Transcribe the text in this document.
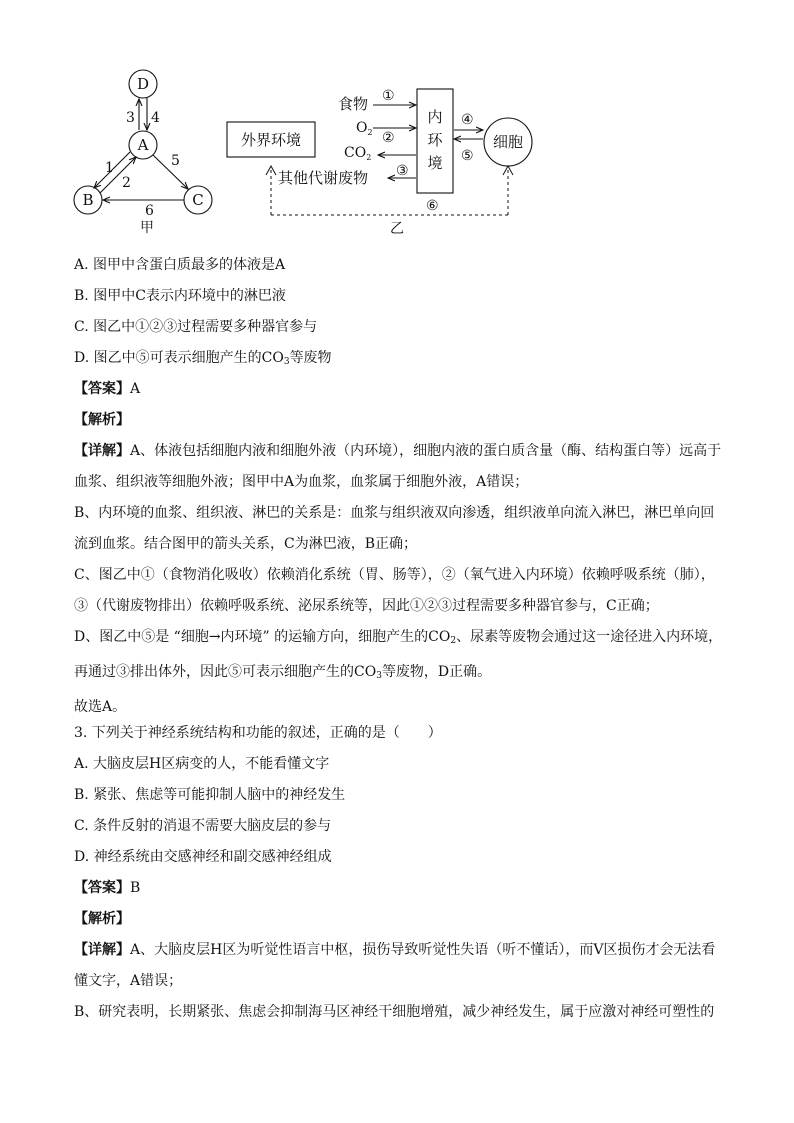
D
A
B	C
3 4
1
2
5
6
甲
外界环境
内
环
境
细胞
食物 ①
$O_2$ ②
$CO_2$
③
其他代谢废物
⑥
乙
④
⑤
A. 图甲中含蛋白质最多的体液是A
B. 图甲中C表示内环境中的淋巴液
C. 图乙中①②③过程需要多种器官参与
D. 图乙中⑤可表示细胞产生的$CO_3$等废物
【答案】A
【解析】

【详解】A、体液包括细胞内液和细胞外液（内环境），细胞内液的蛋白质含量（酶、结构蛋白等）远高于血浆、组织液等细胞外液；图甲中A为血浆，血浆属于细胞外液，A错误；

B、内环境的血浆、组织液、淋巴的关系是：血浆与组织液双向渗透，组织液单向流入淋巴，淋巴单向回流到血浆。结合图甲的箭头关系，C为淋巴液，B正确；

C、图乙中①（食物消化吸收）依赖消化系统（胃、肠等），②（氧气进入内环境）依赖呼吸系统（肺），③（代谢废物排出）依赖呼吸系统、泌尿系统等，因此①②③过程需要多种器官参与，C正确；

D、图乙中⑤是 “细胞→内环境” 的运输方向，细胞产生的$CO_2$、尿素等废物会通过这一途径进入内环境，再通过③排出体外，因此⑤可表示细胞产生的$CO_3$等废物，D正确。

故选A。

3. 下列关于神经系统结构和功能的叙述，正确的是（　　）
A. 大脑皮层H区病变的人，不能看懂文字
B. 紧张、焦虑等可能抑制人脑中的神经发生
C. 条件反射的消退不需要大脑皮层的参与
D. 神经系统由交感神经和副交感神经组成
【答案】B
【解析】

【详解】A、大脑皮层H区为听觉性语言中枢，损伤导致听觉性失语（听不懂话），而V区损伤才会无法看懂文字，A错误；

B、研究表明，长期紧张、焦虑会抑制海马区神经干细胞增殖，减少神经发生，属于应激对神经可塑性的
